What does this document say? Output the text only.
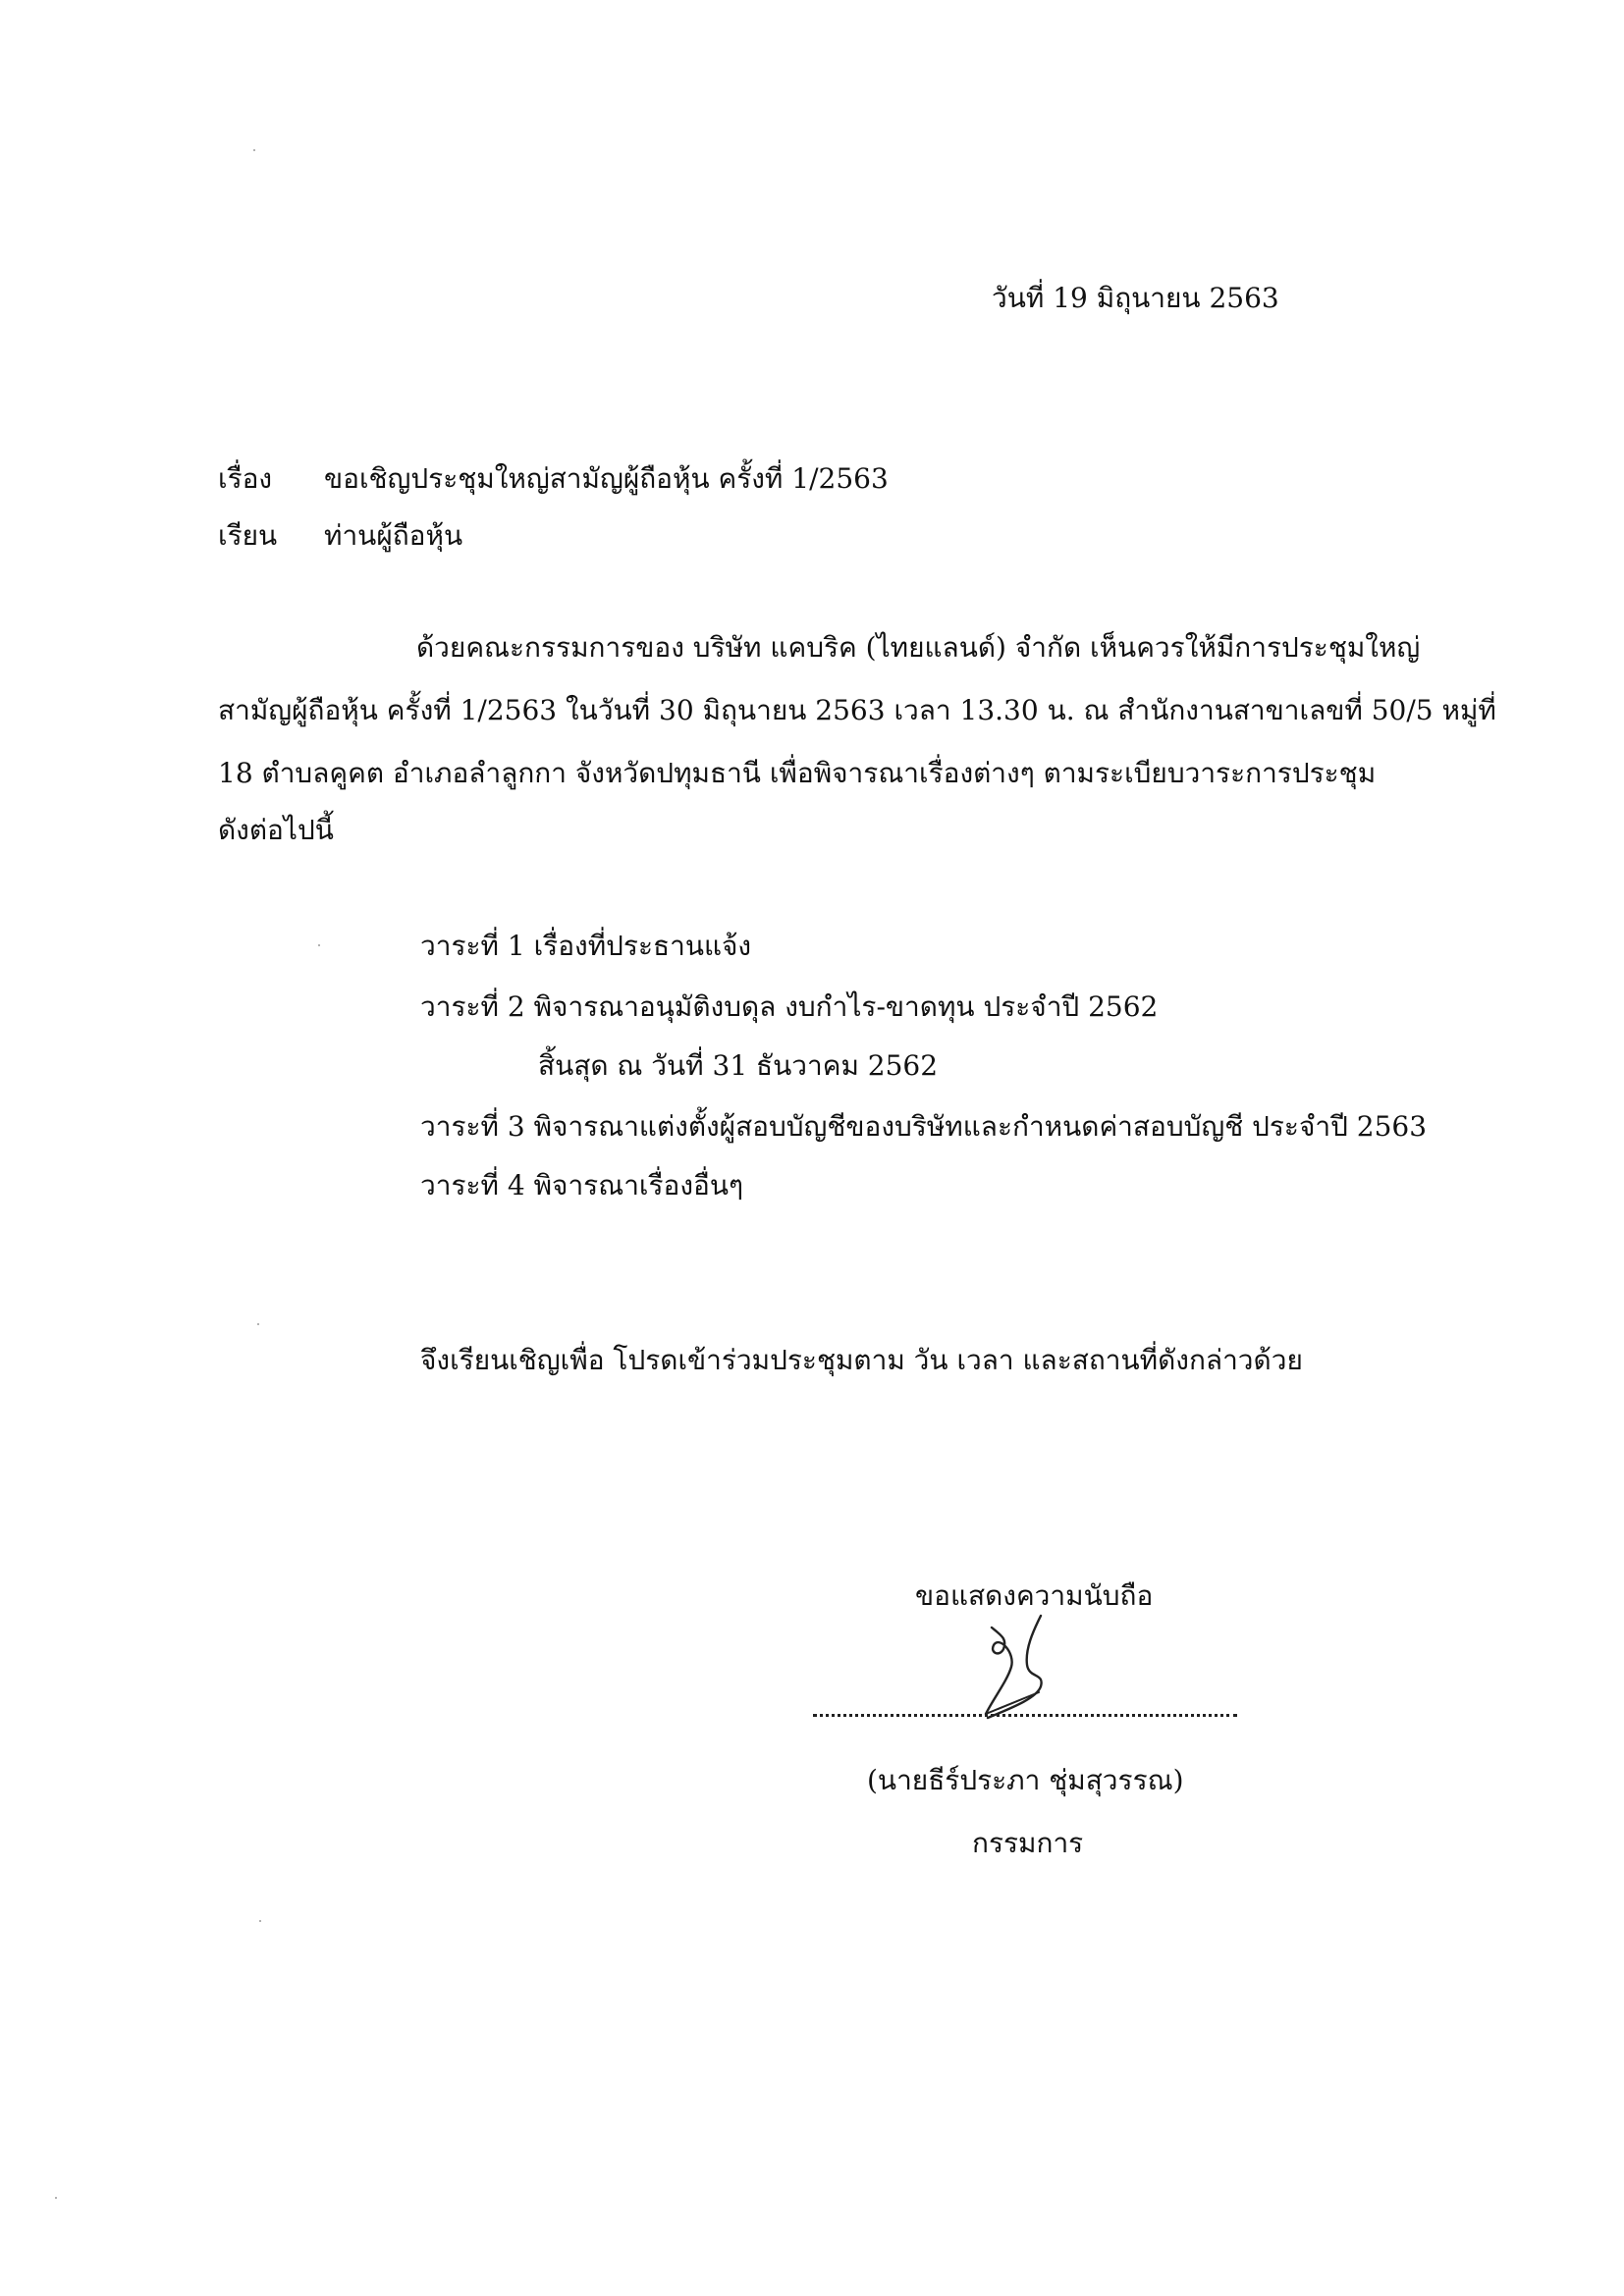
วันที่ 19 มิถุนายน 2563
เรื่อง ขอเชิญประชุมใหญ่สามัญผู้ถือหุ้น ครั้งที่ 1/2563
เรียน ท่านผู้ถือหุ้น
ด้วยคณะกรรมการของ บริษัท แคบริค (ไทยแลนด์) จำกัด เห็นควรให้มีการประชุมใหญ่
สามัญผู้ถือหุ้น ครั้งที่ 1/2563 ในวันที่ 30 มิถุนายน 2563 เวลา 13.30 น. ณ สำนักงานสาขาเลขที่ 50/5 หมู่ที่
18 ตำบลคูคต อำเภอลำลูกกา จังหวัดปทุมธานี เพื่อพิจารณาเรื่องต่างๆ ตามระเบียบวาระการประชุม
ดังต่อไปนี้
วาระที่ 1 เรื่องที่ประธานแจ้ง
วาระที่ 2 พิจารณาอนุมัติงบดุล งบกำไร-ขาดทุน ประจำปี 2562
สิ้นสุด ณ วันที่ 31 ธันวาคม 2562
วาระที่ 3 พิจารณาแต่งตั้งผู้สอบบัญชีของบริษัทและกำหนดค่าสอบบัญชี ประจำปี 2563
วาระที่ 4 พิจารณาเรื่องอื่นๆ
จึงเรียนเชิญเพื่อ โปรดเข้าร่วมประชุมตาม วัน เวลา และสถานที่ดังกล่าวด้วย
ขอแสดงความนับถือ
(นายธีร์ประภา ชุ่มสุวรรณ)
กรรมการ
